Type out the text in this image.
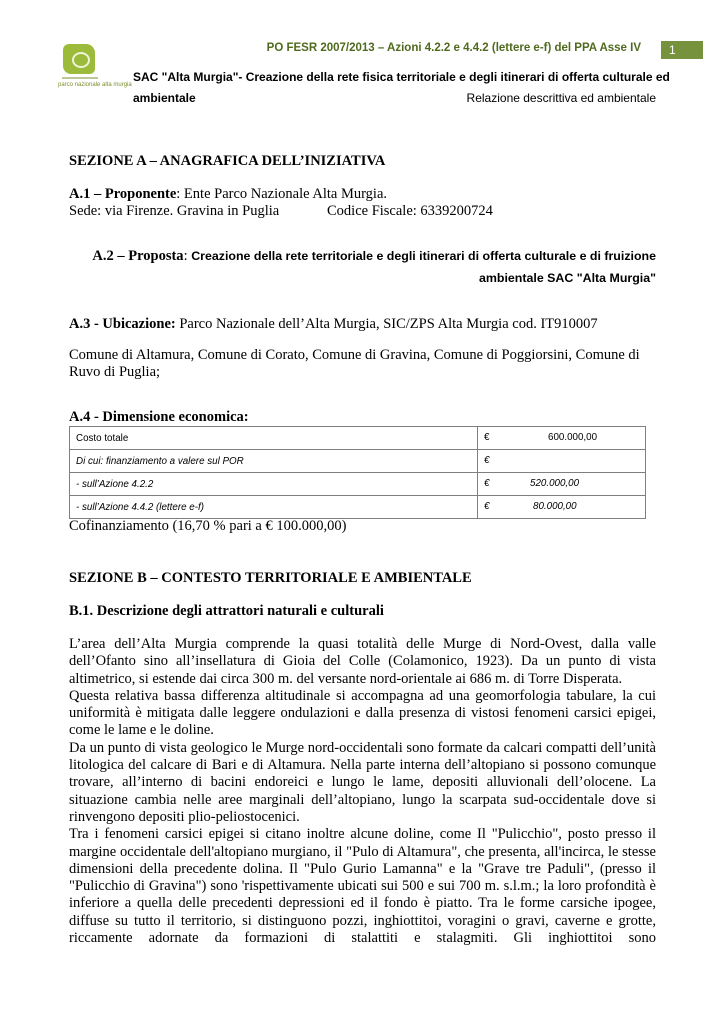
parco nazionale alta murgia
PO FESR 2007/2013 – Azioni 4.2.2 e 4.4.2 (lettere e-f) del PPA Asse IV	1
SAC "Alta Murgia"- Creazione della rete fisica territoriale e degli itinerari di offerta culturale ed
ambientale	Relazione descrittiva ed ambientale
SEZIONE A – ANAGRAFICA DELL’INIZIATIVA
A.1 – Proponente: Ente Parco Nazionale Alta Murgia.
Sede: via Firenze. Gravina in Puglia	Codice Fiscale: 6339200724
A.2 – Proposta: Creazione della rete territoriale e degli itinerari di offerta culturale e di fruizione ambientale SAC "Alta Murgia"
A.3 - Ubicazione: Parco Nazionale dell’Alta Murgia, SIC/ZPS Alta Murgia cod. IT910007
Comune di Altamura, Comune di Corato, Comune di Gravina, Comune di Poggiorsini, Comune di
Ruvo di Puglia;
A.4 - Dimensione economica:
Costo totale	€ 600.000,00

Di cui: finanziamento a valere sul POR	€

- sull’Azione 4.2.2	€ 520.000,00

- sull’Azione 4.4.2 (lettere e-f)	€ 80.000,00
Cofinanziamento (16,70 % pari a € 100.000,00)
SEZIONE B – CONTESTO TERRITORIALE E AMBIENTALE
B.1. Descrizione degli attrattori naturali e culturali

L’area dell’Alta Murgia comprende la quasi totalità delle Murge di Nord-Ovest, dalla valle dell’Ofanto sino all’insellatura di Gioia del Colle (Colamonico, 1923). Da un punto di vista altimetrico, si estende dai circa 300 m. del versante nord-orientale ai 686 m. di Torre Disperata.

Questa relativa bassa differenza altitudinale si accompagna ad una geomorfologia tabulare, la cui uniformità è mitigata dalle leggere ondulazioni e dalla presenza di vistosi fenomeni carsici epigei, come le lame e le doline.

Da un punto di vista geologico le Murge nord-occidentali sono formate da calcari compatti dell’unità litologica del calcare di Bari e di Altamura. Nella parte interna dell’altopiano si possono comunque trovare, all’interno di bacini endoreici e lungo le lame, depositi alluvionali dell’olocene. La situazione cambia nelle aree marginali dell’altopiano, lungo la scarpata sud-occidentale dove si rinvengono depositi plio-peliostocenici.

Tra i fenomeni carsici epigei si citano inoltre alcune doline, come Il "Pulicchio", posto presso il margine occidentale dell'altopiano murgiano, il "Pulo di Altamura", che presenta, all'incirca, le stesse dimensioni della precedente dolina. Il "Pulo Gurio Lamanna" e la "Grave tre Paduli", (presso il "Pulicchio di Gravina") sono 'rispettivamente ubicati sui 500 e sui 700 m. s.l.m.; la loro profondità è inferiore a quella delle precedenti depressioni ed il fondo è piatto. Tra le forme carsiche ipogee, diffuse su tutto il territorio, si distinguono pozzi, inghiottitoi, voragini o gravi, caverne e grotte, riccamente adornate da formazioni di stalattiti e stalagmiti. Gli inghiottitoi sono
